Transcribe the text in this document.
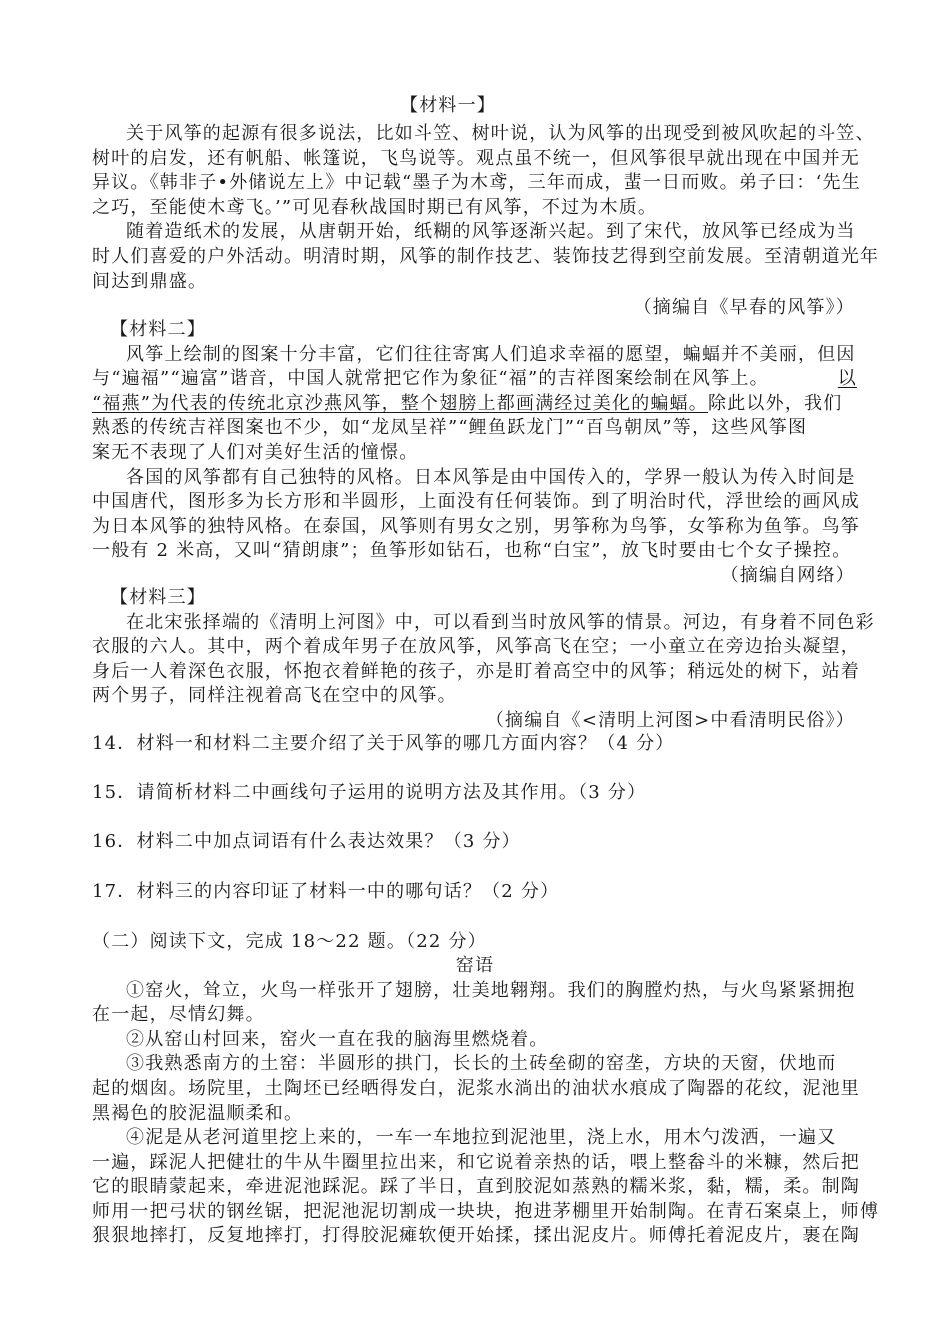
【材料一】
关于风筝的起源有很多说法，比如斗笠、树叶说，认为风筝的出现受到被风吹起的斗笠、
树叶的启发，还有帆船、帐篷说，飞鸟说等。观点虽不统一，但风筝很早就出现在中国并无
异议。《韩非子•外储说左上》中记载“墨子为木鸢，三年而成，蜚一日而败。弟子曰：‘先生
之巧，至能使木鸢飞。’”可见春秋战国时期已有风筝，不过为木质。
随着造纸术的发展，从唐朝开始，纸糊的风筝逐渐兴起。到了宋代，放风筝已经成为当
时人们喜爱的户外活动。明清时期，风筝的制作技艺、装饰技艺得到空前发展。至清朝道光年
间达到鼎盛。
（摘编自《早春的风筝》）
【材料二】
风筝上绘制的图案十分丰富，它们往往寄寓人们追求幸福的愿望，蝙蝠并不美丽，但因
与“遍福”“遍富”谐音，中国人就常把它作为象征“福”的吉祥图案绘制在风筝上。	以
“福燕”为代表的传统北京沙燕风筝，整个翅膀上都画满经过美化的蝙蝠。除此以外，我们
熟悉的传统吉祥图案也不少，如“龙凤呈祥”“鲤鱼跃龙门”“百鸟朝凤”等，这些风筝图
案无不表现了人们对美好生活的憧憬。
各国的风筝都有自己独特的风格。日本风筝是由中国传入的，学界一般认为传入时间是
中国唐代，图形多为长方形和半圆形，上面没有任何装饰。到了明治时代，浮世绘的画风成
为日本风筝的独特风格。在泰国，风筝则有男女之别，男筝称为鸟筝，女筝称为鱼筝。鸟筝
一般有 2 米高，又叫“猜朗康”；鱼筝形如钻石，也称“白宝”，放飞时要由七个女子操控。
（摘编自网络）
【材料三】
在北宋张择端的《清明上河图》中，可以看到当时放风筝的情景。河边，有身着不同色彩
衣服的六人。其中，两个着成年男子在放风筝，风筝高飞在空；一小童立在旁边抬头凝望，
身后一人着深色衣服，怀抱衣着鲜艳的孩子，亦是盯着高空中的风筝；稍远处的树下，站着
两个男子，同样注视着高飞在空中的风筝。
（摘编自《<清明上河图>中看清明民俗》）
14．材料一和材料二主要介绍了关于风筝的哪几方面内容？（4 分）
15．请简析材料二中画线句子运用的说明方法及其作用。（3 分）
16．材料二中加点词语有什么表达效果？（3 分）
17．材料三的内容印证了材料一中的哪句话？（2 分）
（二）阅读下文，完成 18～22 题。（22 分）
窑语
①窑火，耸立，火鸟一样张开了翅膀，壮美地翱翔。我们的胸膛灼热，与火鸟紧紧拥抱
在一起，尽情幻舞。
②从窑山村回来，窑火一直在我的脑海里燃烧着。
③我熟悉南方的土窑：半圆形的拱门，长长的土砖垒砌的窑垄，方块的天窗，伏地而
起的烟囱。场院里，土陶坯已经晒得发白，泥浆水淌出的油状水痕成了陶器的花纹，泥池里
黑褐色的胶泥温顺柔和。
④泥是从老河道里挖上来的，一车一车地拉到泥池里，浇上水，用木勺泼洒，一遍又
一遍，踩泥人把健壮的牛从牛圈里拉出来，和它说着亲热的话，喂上整畚斗的米糠，然后把
它的眼睛蒙起来，牵进泥池踩泥。踩了半日，直到胶泥如蒸熟的糯米浆，黏，糯，柔。制陶
师用一把弓状的钢丝锯，把泥池泥切割成一块块，抱进茅棚里开始制陶。在青石案桌上，师傅
狠狠地摔打，反复地摔打，打得胶泥瘫软便开始揉，揉出泥皮片。师傅托着泥皮片，裹在陶
